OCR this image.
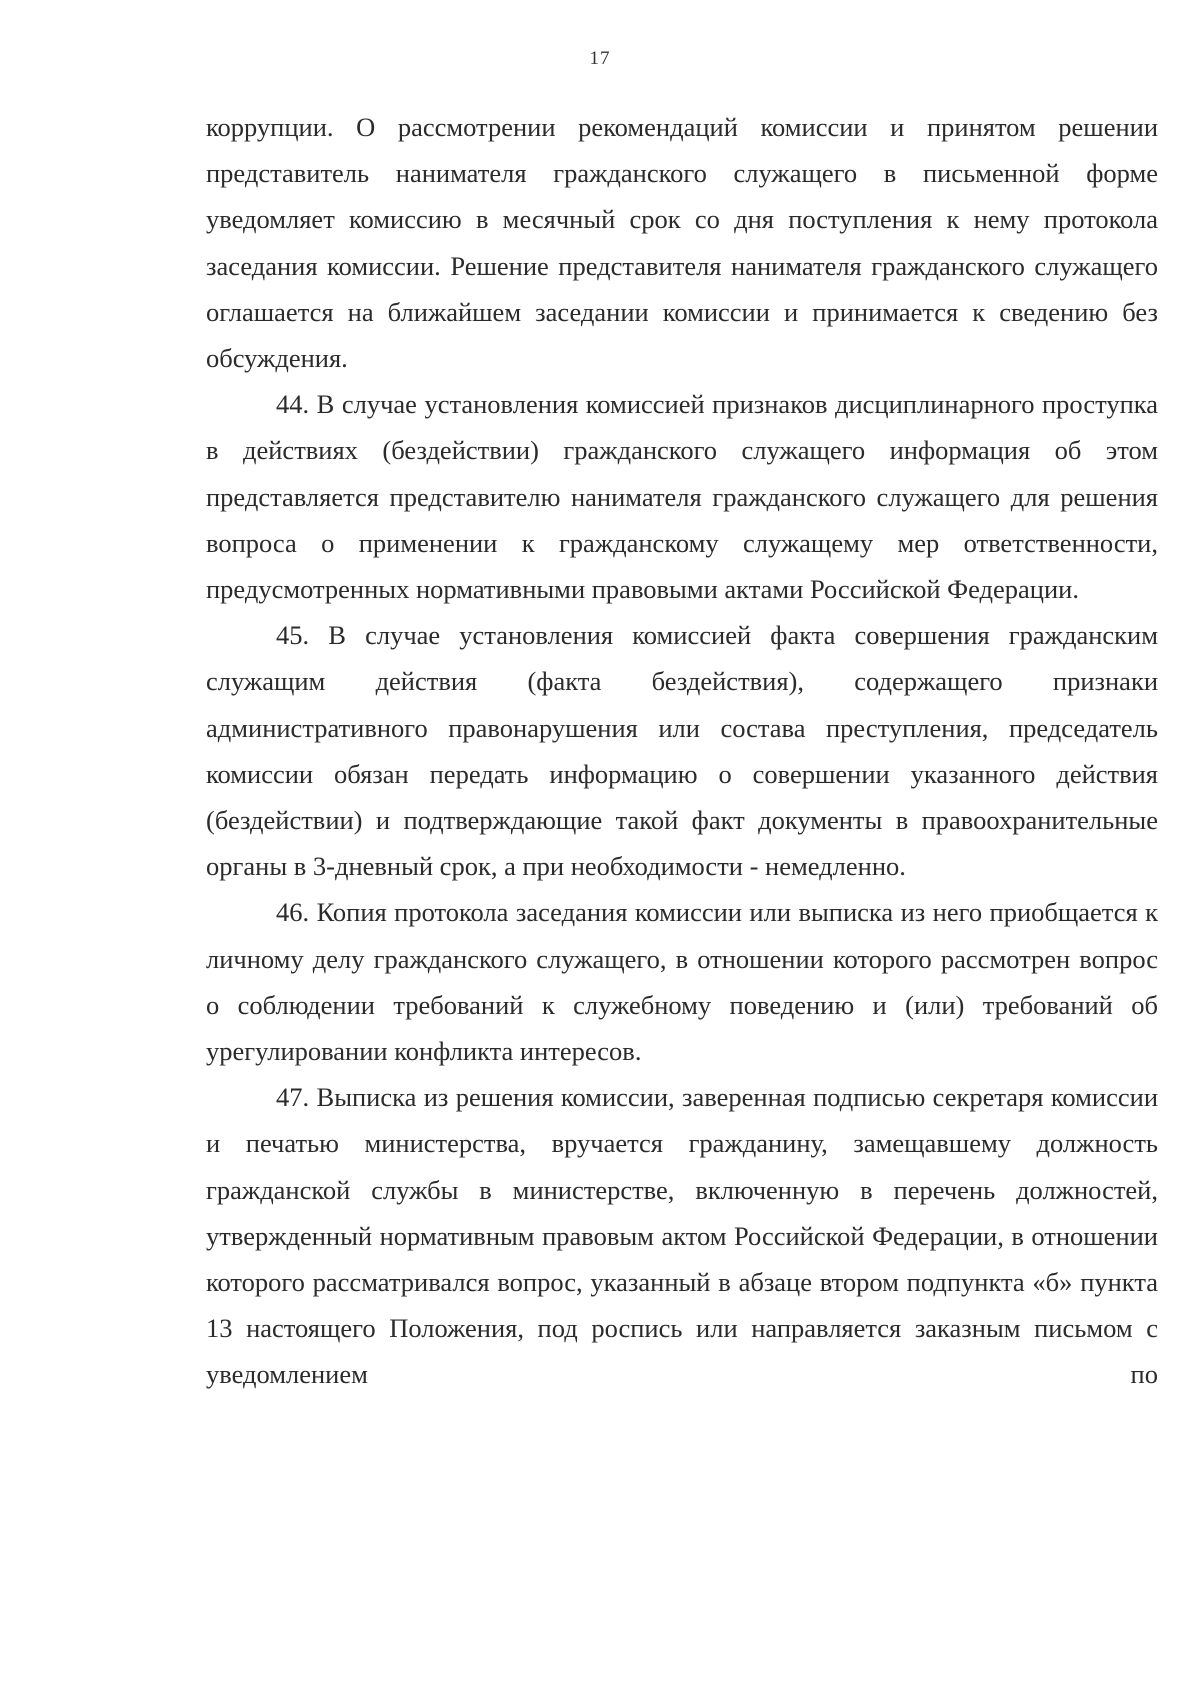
17

коррупции. О рассмотрении рекомендаций комиссии и принятом решении представитель нанимателя гражданского служащего в письменной форме уведомляет комиссию в месячный срок со дня поступления к нему протокола заседания комиссии. Решение представителя нанимателя гражданского служащего оглашается на ближайшем заседании комиссии и принимается к сведению без обсуждения.

44. В случае установления комиссией признаков дисциплинарного проступка в действиях (бездействии) гражданского служащего информация об этом представляется представителю нанимателя гражданского служащего для решения вопроса о применении к гражданскому служащему мер ответственности, предусмотренных нормативными правовыми актами Российской Федерации.

45. В случае установления комиссией факта совершения гражданским служащим действия (факта бездействия), содержащего признаки административного правонарушения или состава преступления, председатель комиссии обязан передать информацию о совершении указанного действия (бездействии) и подтверждающие такой факт документы в правоохранительные органы в 3-дневный срок, а при необходимости - немедленно.

46. Копия протокола заседания комиссии или выписка из него приобщается к личному делу гражданского служащего, в отношении которого рассмотрен вопрос о соблюдении требований к служебному поведению и (или) требований об урегулировании конфликта интересов.

47. Выписка из решения комиссии, заверенная подписью секретаря комиссии и печатью министерства, вручается гражданину, замещавшему должность гражданской службы в министерстве, включенную в перечень должностей, утвержденный нормативным правовым актом Российской Федерации, в отношении которого рассматривался вопрос, указанный в абзаце втором подпункта «б» пункта 13 настоящего Положения, под роспись или направляется заказным письмом с уведомлением по
